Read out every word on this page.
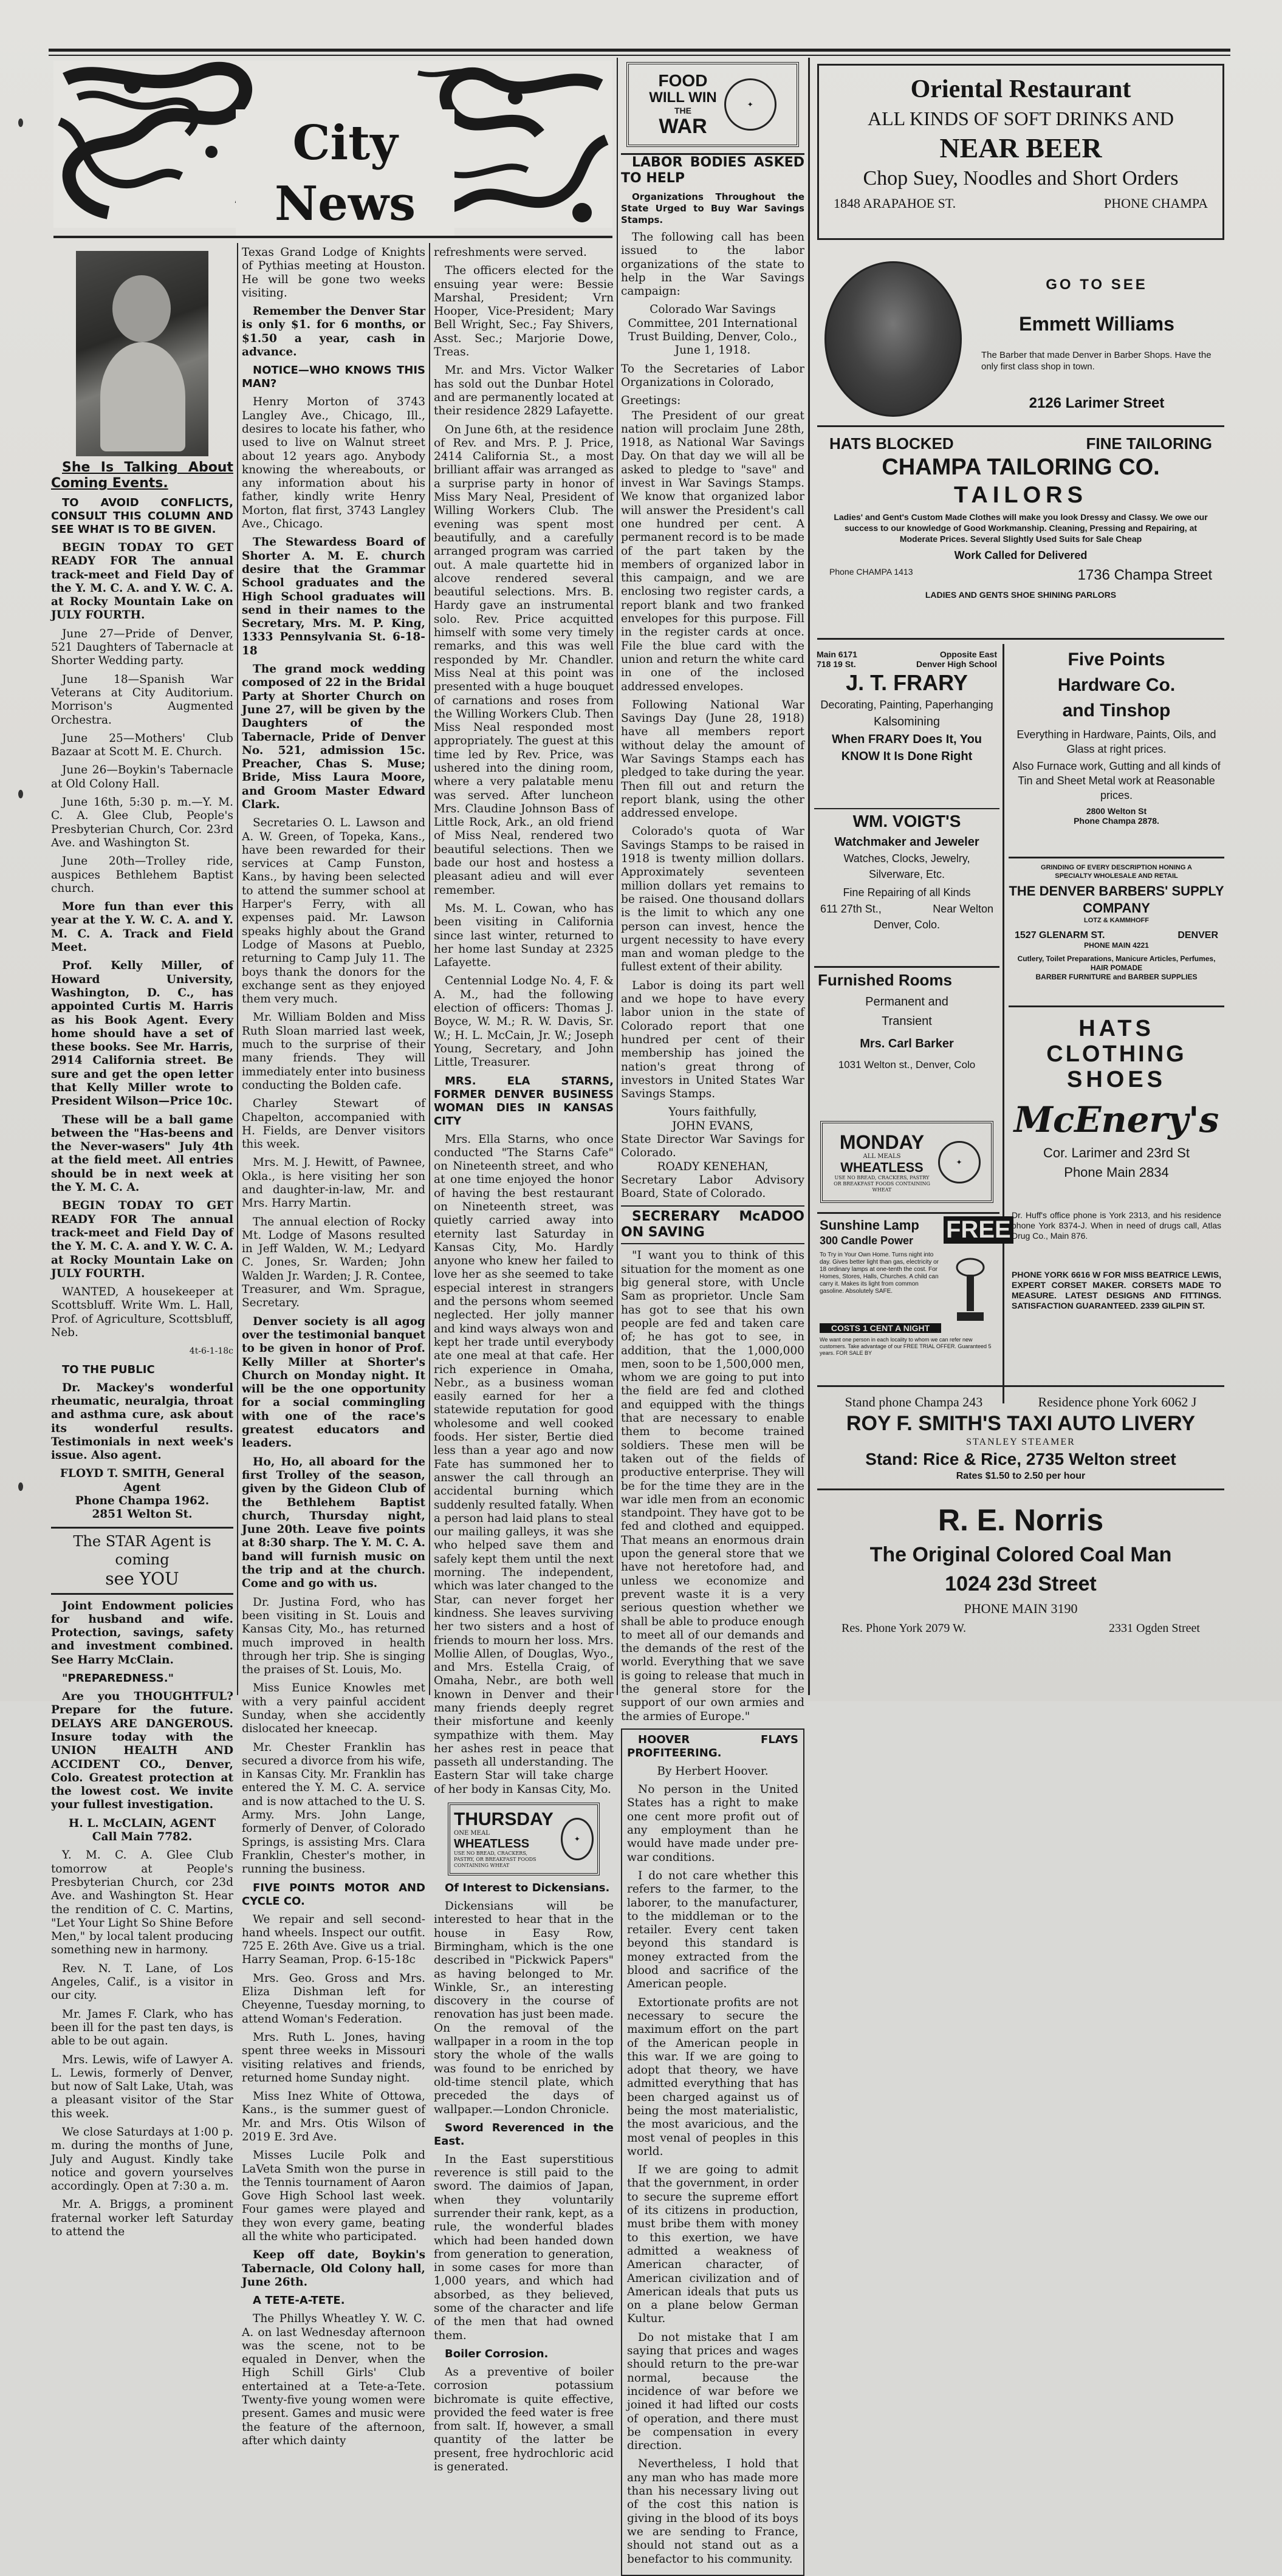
City News

She Is Talking About Coming Events.

TO AVOID CONFLICTS, CONSULT THIS COLUMN AND SEE WHAT IS TO BE GIVEN.

BEGIN TODAY TO GET READY FOR The annual track-meet and Field Day of the Y. M. C. A. and Y. W. C. A. at Rocky Mountain Lake on JULY FOURTH.

June 27—Pride of Denver, 521 Daughters of Tabernacle at Shorter Wedding party.

June 18—Spanish War Veterans at City Auditorium. Morrison's Augmented Orchestra.

June 25—Mothers' Club Bazaar at Scott M. E. Church.

June 26—Boykin's Tabernacle at Old Colony Hall.

June 16th, 5:30 p. m.—Y. M. C. A. Glee Club, People's Presbyterian Church, Cor. 23rd Ave. and Washington St.

June 20th—Trolley ride, auspices Bethlehem Baptist church.

More fun than ever this year at the Y. W. C. A. and Y. M. C. A. Track and Field Meet.

Prof. Kelly Miller, of Howard University, Washington, D. C., has appointed Curtis M. Harris as his Book Agent. Every home should have a set of these books. See Mr. Harris, 2914 California street. Be sure and get the open letter that Kelly Miller wrote to President Wilson—Price 10c.

These will be a ball game between the "Has-beens and the Never-wasers" July 4th at the field meet. All entries should be in next week at the Y. M. C. A.

BEGIN TODAY TO GET READY FOR The annual track-meet and Field Day of the Y. M. C. A. and Y. W. C. A. at Rocky Mountain Lake on JULY FOURTH.

WANTED, A housekeeper at Scottsbluff. Write Wm. L. Hall, Prof. of Agriculture, Scottsbluff, Neb.

4t-6-1-18c

TO THE PUBLIC

Dr. Mackey's wonderful rheumatic, neuralgia, throat and asthma cure, ask about its wonderful results. Testimonials in next week's issue. Also agent.

FLOYD T. SMITH, General Agent

Phone Champa 1962.

2851 Welton St.

The STAR Agent is coming
see YOU

Joint Endowment policies for husband and wife. Protection, savings, safety and investment combined. See Harry McClain.

"PREPAREDNESS."

Are you THOUGHTFUL? Prepare for the future. DELAYS ARE DANGEROUS. Insure today with the UNION HEALTH AND ACCIDENT CO., Denver, Colo. Greatest protection at the lowest cost. We invite your fullest investigation.

H. L. McCLAIN, AGENT

Call Main 7782.

Y. M. C. A. Glee Club tomorrow at People's Presbyterian Church, cor 23d Ave. and Washington St. Hear the rendition of C. C. Martins, "Let Your Light So Shine Before Men," by local talent producing something new in harmony.

Rev. N. T. Lane, of Los Angeles, Calif., is a visitor in our city.

Mr. James F. Clark, who has been ill for the past ten days, is able to be out again.

Mrs. Lewis, wife of Lawyer A. L. Lewis, formerly of Denver, but now of Salt Lake, Utah, was a pleasant visitor of the Star this week.

We close Saturdays at 1:00 p. m. during the months of June, July and August. Kindly take notice and govern yourselves accordingly. Open at 7:30 a. m.

Mr. A. Briggs, a prominent fraternal worker left Saturday to attend the

Texas Grand Lodge of Knights of Pythias meeting at Houston. He will be gone two weeks visiting.

Remember the Denver Star is only $1. for 6 months, or $1.50 a year, cash in advance.

NOTICE—WHO KNOWS THIS MAN?

Henry Morton of 3743 Langley Ave., Chicago, Ill., desires to locate his father, who used to live on Walnut street about 12 years ago. Anybody knowing the whereabouts, or any information about his father, kindly write Henry Morton, flat first, 3743 Langley Ave., Chicago.

The Stewardess Board of Shorter A. M. E. church desire that the Grammar School graduates and the High School graduates will send in their names to the Secretary, Mrs. M. P. King, 1333 Pennsylvania St. 6-18-18

The grand mock wedding composed of 22 in the Bridal Party at Shorter Church on June 27, will be given by the Daughters of the Tabernacle, Pride of Denver No. 521, admission 15c. Preacher, Chas S. Muse; Bride, Miss Laura Moore, and Groom Master Edward Clark.

Secretaries O. L. Lawson and A. W. Green, of Topeka, Kans., have been rewarded for their services at Camp Funston, Kans., by having been selected to attend the summer school at Harper's Ferry, with all expenses paid. Mr. Lawson speaks highly about the Grand Lodge of Masons at Pueblo, returning to Camp July 11. The boys thank the donors for the exchange sent as they enjoyed them very much.

Mr. William Bolden and Miss Ruth Sloan married last week, much to the surprise of their many friends. They will immediately enter into business conducting the Bolden cafe.

Charley Stewart of Chapelton, accompanied with H. Fields, are Denver visitors this week.

Mrs. M. J. Hewitt, of Pawnee, Okla., is here visiting her son and daughter-in-law, Mr. and Mrs. Harry Martin.

The annual election of Rocky Mt. Lodge of Masons resulted in Jeff Walden, W. M.; Ledyard C. Jones, Sr. Warden; John Walden Jr. Warden; J. R. Contee, Treasurer, and Wm. Sprague, Secretary.

Denver society is all agog over the testimonial banquet to be given in honor of Prof. Kelly Miller at Shorter's Church on Monday night. It will be the one opportunity for a social commingling with one of the race's greatest educators and leaders.

Ho, Ho, all aboard for the first Trolley of the season, given by the Gideon Club of the Bethlehem Baptist church, Thursday night, June 20th. Leave five points at 8:30 sharp. The Y. M. C. A. band will furnish music on the trip and at the church. Come and go with us.

Dr. Justina Ford, who has been visiting in St. Louis and Kansas City, Mo., has returned much improved in health through her trip. She is singing the praises of St. Louis, Mo.

Miss Eunice Knowles met with a very painful accident Sunday, when she accidently dislocated her kneecap.

Mr. Chester Franklin has secured a divorce from his wife, in Kansas City. Mr. Franklin has entered the Y. M. C. A. service and is now attached to the U. S. Army. Mrs. John Lange, formerly of Denver, of Colorado Springs, is assisting Mrs. Clara Franklin, Chester's mother, in running the business.

FIVE POINTS MOTOR AND CYCLE CO.

We repair and sell second-hand wheels. Inspect our outfit. 725 E. 26th Ave. Give us a trial. Harry Seaman, Prop. 6-15-18c

Mrs. Geo. Gross and Mrs. Eliza Dishman left for Cheyenne, Tuesday morning, to attend Woman's Federation.

Mrs. Ruth L. Jones, having spent three weeks in Missouri visiting relatives and friends, returned home Sunday night.

Miss Inez White of Ottowa, Kans., is the summer guest of Mr. and Mrs. Otis Wilson of 2019 E. 3rd Ave.

Misses Lucile Polk and LaVeta Smith won the purse in the Tennis tournament of Aaron Gove High School last week. Four games were played and they won every game, beating all the white who participated.

Keep off date, Boykin's Tabernacle, Old Colony hall, June 26th.

A TETE-A-TETE.

The Phillys Wheatley Y. W. C. A. on last Wednesday afternoon was the scene, not to be equaled in Denver, when the High Schill Girls' Club entertained at a Tete-a-Tete. Twenty-five young women were present. Games and music were the feature of the afternoon, after which dainty

refreshments were served.

The officers elected for the ensuing year were: Bessie Marshal, President; Vrn Hooper, Vice-President; Mary Bell Wright, Sec.; Fay Shivers, Asst. Sec.; Marjorie Dowe, Treas.

Mr. and Mrs. Victor Walker has sold out the Dunbar Hotel and are permanently located at their residence 2829 Lafayette.

On June 6th, at the residence of Rev. and Mrs. P. J. Price, 2414 California St., a most brilliant affair was arranged as a surprise party in honor of Miss Mary Neal, President of Willing Workers Club. The evening was spent most beautifully, and a carefully arranged program was carried out. A male quartette hid in alcove rendered several beautiful selections. Mrs. B. Hardy gave an instrumental solo. Rev. Price acquitted himself with some very timely remarks, and this was well responded by Mr. Chandler. Miss Neal at this point was presented with a huge bouquet of carnations and roses from the Willing Workers Club. Then Miss Neal responded most appropriately. The guest at this time led by Rev. Price, was ushered into the dining room, where a very palatable menu was served. After luncheon Mrs. Claudine Johnson Bass of Little Rock, Ark., an old friend of Miss Neal, rendered two beautiful selections. Then we bade our host and hostess a pleasant adieu and will ever remember.

Ms. M. L. Cowan, who has been visiting in California since last winter, returned to her home last Sunday at 2325 Lafayette.

Centennial Lodge No. 4, F. & A. M., had the following election of officers: Thomas J. Boyce, W. M.; R. W. Davis, Sr. W.; H. L. McCain, Jr. W.; Joseph Young, Secretary, and John Little, Treasurer.

MRS. ELA STARNS, FORMER DENVER BUSINESS WOMAN DIES IN KANSAS CITY

Mrs. Ella Starns, who once conducted "The Starns Cafe" on Nineteenth street, and who at one time enjoyed the honor of having the best restaurant on Nineteenth street, was quietly carried away into eternity last Saturday in Kansas City, Mo. Hardly anyone who knew her failed to love her as she seemed to take especial interest in strangers and the persons whom seemed neglected. Her jolly manner and kind ways always won and kept her trade until everybody ate one meal at that cafe. Her rich experience in Omaha, Nebr., as a business woman easily earned for her a statewide reputation for good wholesome and well cooked foods. Her sister, Bertie died less than a year ago and now Fate has summoned her to answer the call through an accidental burning which suddenly resulted fatally. When a person had laid plans to steal our mailing galleys, it was she who helped save them and safely kept them until the next morning. The independent, which was later changed to the Star, can never forget her kindness. She leaves surviving her two sisters and a host of friends to mourn her loss. Mrs. Mollie Allen, of Douglas, Wyo., and Mrs. Estella Craig, of Omaha, Nebr., are both well known in Denver and their many friends deeply regret their misfortune and keenly sympathize with them. May her ashes rest in peace that passeth all understanding. The Eastern Star will take charge of her body in Kansas City, Mo.

THURSDAY
ONE MEAL
WHEATLESS
USE NO BREAD, CRACKERS, PASTRY, OR BREAKFAST FOODS CONTAINING WHEAT
✦

Of Interest to Dickensians.

Dickensians will be interested to hear that in the house in Easy Row, Birmingham, which is the one described in "Pickwick Papers" as having belonged to Mr. Winkle, Sr., an interesting discovery in the course of renovation has just been made. On the removal of the wallpaper in a room in the top story the whole of the walls was found to be enriched by old-time stencil plate, which preceded the days of wallpaper.—London Chronicle.

Sword Reverenced in the East.

In the East superstitious reverence is still paid to the sword. The daimios of Japan, when they voluntarily surrender their rank, kept, as a rule, the wonderful blades which had been handed down from generation to generation, in some cases for more than 1,000 years, and which had absorbed, as they believed, some of the character and life of the men that had owned them.

Boiler Corrosion.

As a preventive of boiler corrosion potassium bichromate is quite effective, provided the feed water is free from salt. If, however, a small quantity of the latter be present, free hydrochloric acid is generated.

FOOD
WILL WIN
THE
WAR
✦

LABOR BODIES ASKED TO HELP

Organizations Throughout the State Urged to Buy War Savings Stamps.

The following call has been issued to the labor organizations of the state to help in the War Savings campaign:

Colorado War Savings Committee, 201 International Trust Building, Denver, Colo., June 1, 1918.

To the Secretaries of Labor Organizations in Colorado,

Greetings:

The President of our great nation will proclaim June 28th, 1918, as National War Savings Day. On that day we will all be asked to pledge to "save" and invest in War Savings Stamps. We know that organized labor will answer the President's call one hundred per cent. A permanent record is to be made of the part taken by the members of organized labor in this campaign, and we are enclosing two register cards, a report blank and two franked envelopes for this purpose. Fill in the register cards at once. File the blue card with the union and return the white card in one of the inclosed addressed envelopes.

Following National War Savings Day (June 28, 1918) have all members report without delay the amount of War Savings Stamps each has pledged to take during the year. Then fill out and return the report blank, using the other addressed envelope.

Colorado's quota of War Savings Stamps to be raised in 1918 is twenty million dollars. Approximately seventeen million dollars yet remains to be raised. One thousand dollars is the limit to which any one person can invest, hence the urgent necessity to have every man and woman pledge to the fullest extent of their ability.

Labor is doing its part well and we hope to have every labor union in the state of Colorado report that one hundred per cent of their membership has joined the nation's great throng of investors in United States War Savings Stamps.

Yours faithfully,

JOHN EVANS,

State Director War Savings for Colorado.

ROADY KENEHAN,

Secretary Labor Advisory Board, State of Colorado.

SECRERARY McADOO ON SAVING

"I want you to think of this situation for the moment as one big general store, with Uncle Sam as proprietor. Uncle Sam has got to see that his own people are fed and taken care of; he has got to see, in addition, that the 1,000,000 men, soon to be 1,500,000 men, whom we are going to put into the field are fed and clothed and equipped with the things that are necessary to enable them to become trained soldiers. These men will be taken out of the fields of productive enterprise. They will be for the time they are in the war idle men from an economic standpoint. They have got to be fed and clothed and equipped. That means an enormous drain upon the general store that we have not heretofore had, and unless we economize and prevent waste it is a very serious question whether we shall be able to produce enough to meet all of our demands and the demands of the rest of the world. Everything that we save is going to release that much in the general store for the support of our own armies and the armies of Europe."

HOOVER FLAYS PROFITEERING.

By Herbert Hoover.

No person in the United States has a right to make one cent more profit out of any employment than he would have made under pre-war conditions.

I do not care whether this refers to the farmer, to the laborer, to the manufacturer, to the middleman or to the retailer. Every cent taken beyond this standard is money extracted from the blood and sacrifice of the American people.

Extortionate profits are not necessary to secure the maximum effort on the part of the American people in this war. If we are going to adopt that theory, we have admitted everything that has been charged against us of being the most materialistic, the most avaricious, and the most venal of peoples in this world.

If we are going to admit that the government, in order to secure the supreme effort of its citizens in production, must bribe them with money to this exertion, we have admitted a weakness of American character, of American civilization and of American ideals that puts us on a plane below German Kultur.

Do not mistake that I am saying that prices and wages should return to the pre-war normal, because the incidence of war before we joined it had lifted our costs of operation, and there must be compensation in every direction.

Nevertheless, I hold that any man who has made more than his necessary living out of the cost this nation is giving in the blood of its boys we are sending to France, should not stand out as a benefactor to his community.

Oriental Restaurant
ALL KINDS OF SOFT DRINKS AND
NEAR BEER
Chop Suey, Noodles and Short Orders
1848 ARAPAHOE ST.	PHONE CHAMPA
GO TO SEE
Emmett Williams
The Barber that made Denver in Barber Shops. Have the only first class shop in town.
2126 Larimer Street
HATS BLOCKED	FINE TAILORING
CHAMPA TAILORING CO.
TAILORS
Ladies' and Gent's Custom Made Clothes will make you look Dressy and Classy. We owe our success to our knowledge of Good Workmanship. Cleaning, Pressing and Repairing, at Moderate Prices. Several Slightly Used Suits for Sale Cheap
Work Called for Delivered
Phone CHAMPA 1413	1736 Champa Street
LADIES AND GENTS SHOE SHINING PARLORS
Main 6171	Opposite East
718 19 St.	Denver High School
J. T. FRARY
Decorating, Painting, Paperhanging
Kalsomining
When FRARY Does It, You
KNOW It Is Done Right
WM. VOIGT'S
Watchmaker and Jeweler
Watches, Clocks, Jewelry, Silverware, Etc.
Fine Repairing of all Kinds
611 27th St.,	Near Welton
Denver, Colo.
Furnished Rooms
Permanent and
Transient
Mrs. Carl Barker
1031 Welton st., Denver, Colo
MONDAY
ALL MEALS
WHEATLESS
USE NO BREAD, CRACKERS, PASTRY OR BREAKFAST FOODS CONTAINING WHEAT
✦
Sunshine Lamp
300 Candle Power FREE
To Try in Your Own Home. Turns night into day. Gives better light than gas, electricity or 18 ordinary lamps at one-tenth the cost. For Homes, Stores, Halls, Churches. A child can carry it. Makes its light from common gasoline. Absolutely SAFE.
COSTS 1 CENT A NIGHT
We want one person in each locality to whom we can refer new customers. Take advantage of our FREE TRIAL OFFER. Guaranteed 5 years. FOR SALE BY
Five Points
Hardware Co.
and Tinshop
Everything in Hardware, Paints, Oils, and Glass at right prices.
Also Furnace work, Gutting and all kinds of Tin and Sheet Metal work at Reasonable prices.
2800 Welton St
Phone Champa 2878.
GRINDING OF EVERY DESCRIPTION HONING A SPECIALTY WHOLESALE AND RETAIL
THE DENVER BARBERS' SUPPLY COMPANY
LOTZ & KAMMHOFF
1527 GLENARM ST.	DENVER
PHONE MAIN 4221
Cutlery, Toilet Preparations, Manicure Articles, Perfumes, HAIR POMADE
BARBER FURNITURE and BARBER SUPPLIES
HATS
CLOTHING
SHOES
McEnery's
Cor. Larimer and 23rd St
Phone Main 2834
Dr. Huff's office phone is York 2313, and his residence phone York 8374-J. When in need of drugs call, Atlas Drug Co., Main 876.
PHONE YORK 6616 W FOR MISS BEATRICE LEWIS, EXPERT CORSET MAKER. CORSETS MADE TO MEASURE. LATEST DESIGNS AND FITTINGS. SATISFACTION GUARANTEED. 2339 GILPIN ST.
Stand phone Champa 243	Residence phone York 6062 J
ROY F. SMITH'S TAXI AUTO LIVERY
STANLEY STEAMER
Stand: Rice & Rice, 2735 Welton street
Rates $1.50 to 2.50 per hour
R. E. Norris
The Original Colored Coal Man
1024 23d Street
PHONE MAIN 3190
Res. Phone York 2079 W.	2331 Ogden Street
